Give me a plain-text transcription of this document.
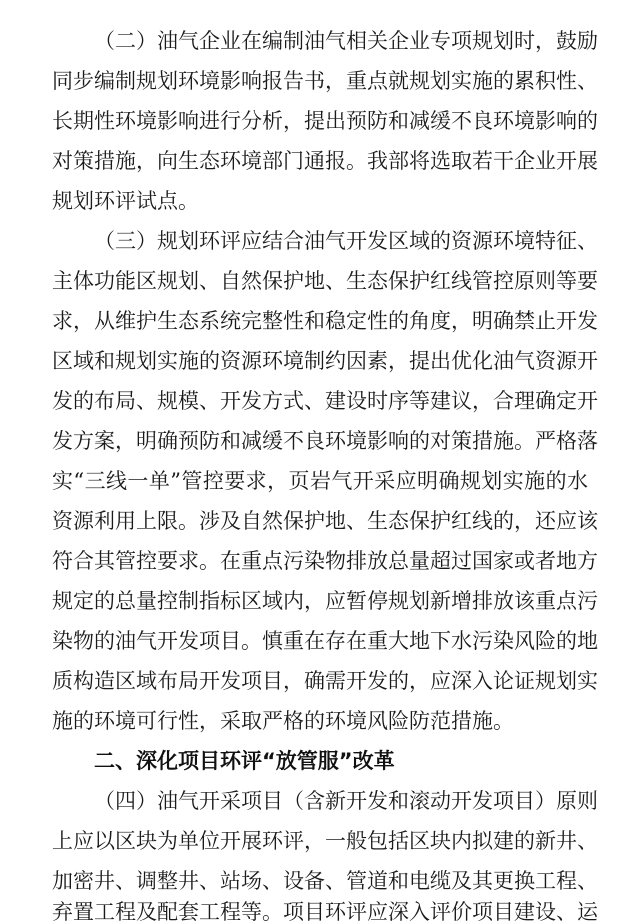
（二）油气企业在编制油气相关企业专项规划时，鼓励
同步编制规划环境影响报告书，重点就规划实施的累积性、
长期性环境影响进行分析，提出预防和减缓不良环境影响的
对策措施，向生态环境部门通报。我部将选取若干企业开展
规划环评试点。
（三）规划环评应结合油气开发区域的资源环境特征、
主体功能区规划、自然保护地、生态保护红线管控原则等要
求，从维护生态系统完整性和稳定性的角度，明确禁止开发
区域和规划实施的资源环境制约因素，提出优化油气资源开
发的布局、规模、开发方式、建设时序等建议，合理确定开
发方案，明确预防和减缓不良环境影响的对策措施。严格落
实“三线一单”管控要求，页岩气开采应明确规划实施的水
资源利用上限。涉及自然保护地、生态保护红线的，还应该
符合其管控要求。在重点污染物排放总量超过国家或者地方
规定的总量控制指标区域内，应暂停规划新增排放该重点污
染物的油气开发项目。慎重在存在重大地下水污染风险的地
质构造区域布局开发项目，确需开发的，应深入论证规划实
施的环境可行性，采取严格的环境风险防范措施。
二、深化项目环评“放管服”改革
（四）油气开采项目（含新开发和滚动开发项目）原则
上应以区块为单位开展环评，一般包括区块内拟建的新井、
加密井、调整井、站场、设备、管道和电缆及其更换工程、
弃置工程及配套工程等。项目环评应深入评价项目建设、运
